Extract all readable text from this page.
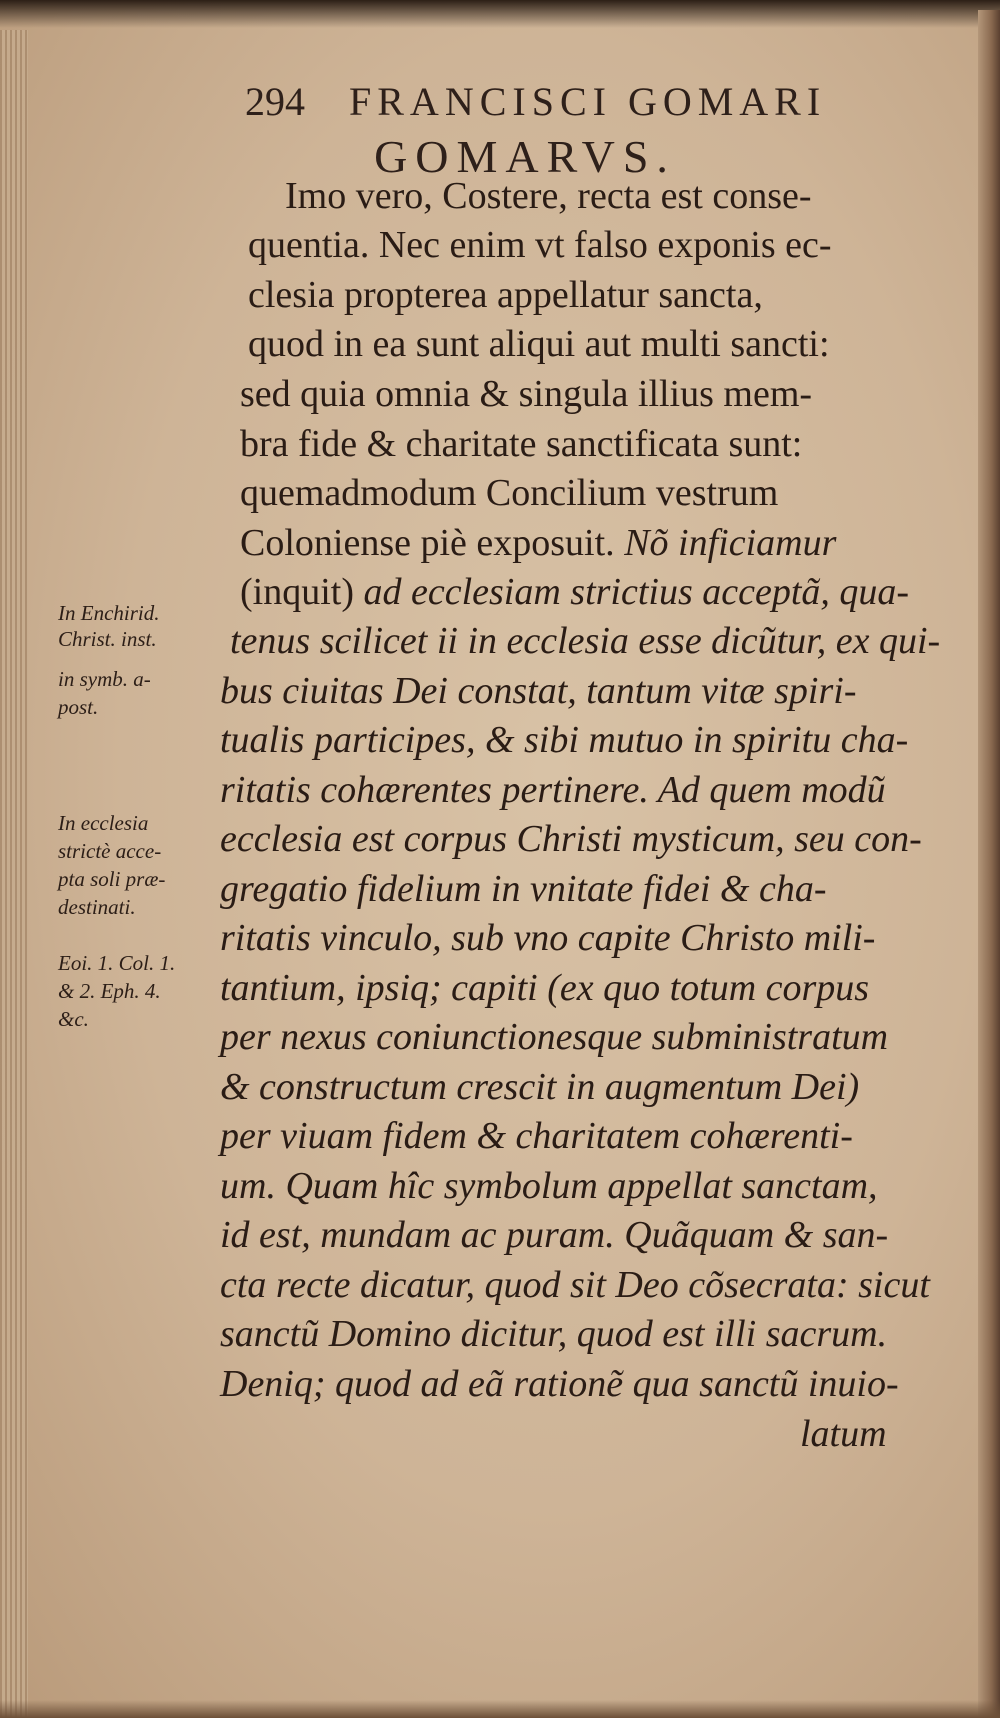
294 FRANCISCI GOMARI
GOMARVS.
Imo vero, Costere, recta est conse-
quentia. Nec enim vt falso exponis ec-
clesia propterea appellatur sancta,
quod in ea sunt aliqui aut multi sancti:
sed quia omnia & singula illius mem-
bra fide & charitate sanctificata sunt:
quemadmodum Concilium vestrum
Coloniense piè exposuit. Nõ inficiamur
(inquit) ad ecclesiam strictius acceptã, qua-
tenus scilicet ii in ecclesia esse dicũtur, ex qui-
bus ciuitas Dei constat, tantum vitæ spiri-
tualis participes, & sibi mutuo in spiritu cha-
ritatis cohærentes pertinere. Ad quem modũ
ecclesia est corpus Christi mysticum, seu con-
gregatio fidelium in vnitate fidei & cha-
ritatis vinculo, sub vno capite Christo mili-
tantium, ipsiq; capiti (ex quo totum corpus
per nexus coniunctionesque subministratum
& constructum crescit in augmentum Dei)
per viuam fidem & charitatem cohærenti-
um. Quam hîc symbolum appellat sanctam,
id est, mundam ac puram. Quãquam & san-
cta recte dicatur, quod sit Deo cõsecrata: sicut
sanctũ Domino dicitur, quod est illi sacrum.
Deniq; quod ad eã rationẽ qua sanctũ inuio-
latum
In Enchirid.
Christ. inst.
in symb. a-
post.
In ecclesia
strictè acce-
pta soli præ-
destinati.
Eoi. 1. Col. 1.
& 2. Eph. 4.
&c.
